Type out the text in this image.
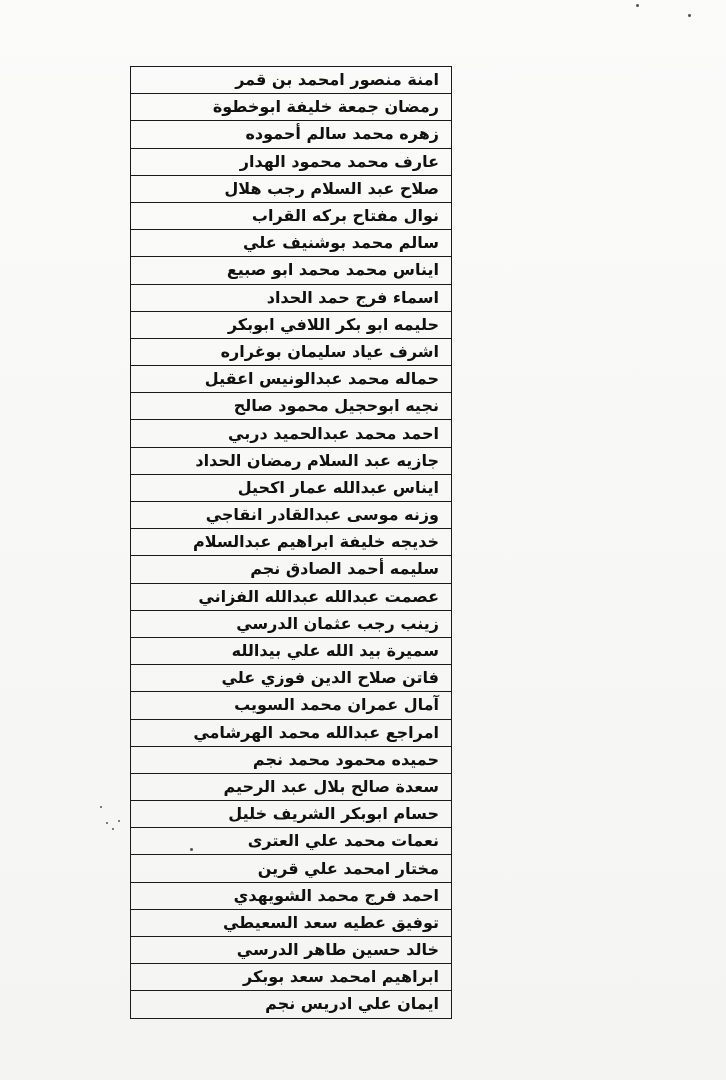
امنة منصور امحمد بن قمر
رمضان جمعة خليفة ابوخطوة
زهره محمد سالم أحموده
عارف محمد محمود الهدار
صلاح عبد السلام رجب هلال
نوال مفتاح بركه القراب
سالم محمد بوشنيف علي
ايناس محمد محمد ابو صبيع
اسماء فرج حمد الحداد
حليمه ابو بكر اللافي ابوبكر
اشرف عياد سليمان بوغراره
حماله محمد عبدالونيس اعقيل
نجيه ابوحجيل محمود صالح
احمد محمد عبدالحميد دربي
جازيه عبد السلام رمضان الحداد
ايناس عبدالله عمار اكحيل
وزنه موسى عبدالقادر انقاجي
خديجه خليفة ابراهيم عبدالسلام
سليمه أحمد الصادق نجم
عصمت عبدالله عبدالله الفزاني
زينب رجب عثمان الدرسي
سميرة بيد الله علي بيدالله
فاتن صلاح الدين فوزي علي
آمال عمران محمد السويب
امراجع عبدالله محمد الهرشامي
حميده محمود محمد نجم
سعدة صالح بلال عبد الرحيم
حسام ابوبكر الشريف خليل
نعمات محمد علي العترى
مختار امحمد علي قرين
احمد فرج محمد الشويهدي
توفيق عطيه سعد السعيطي
خالد حسين طاهر الدرسي
ابراهيم امحمد سعد بوبكر
ايمان علي ادريس نجم
